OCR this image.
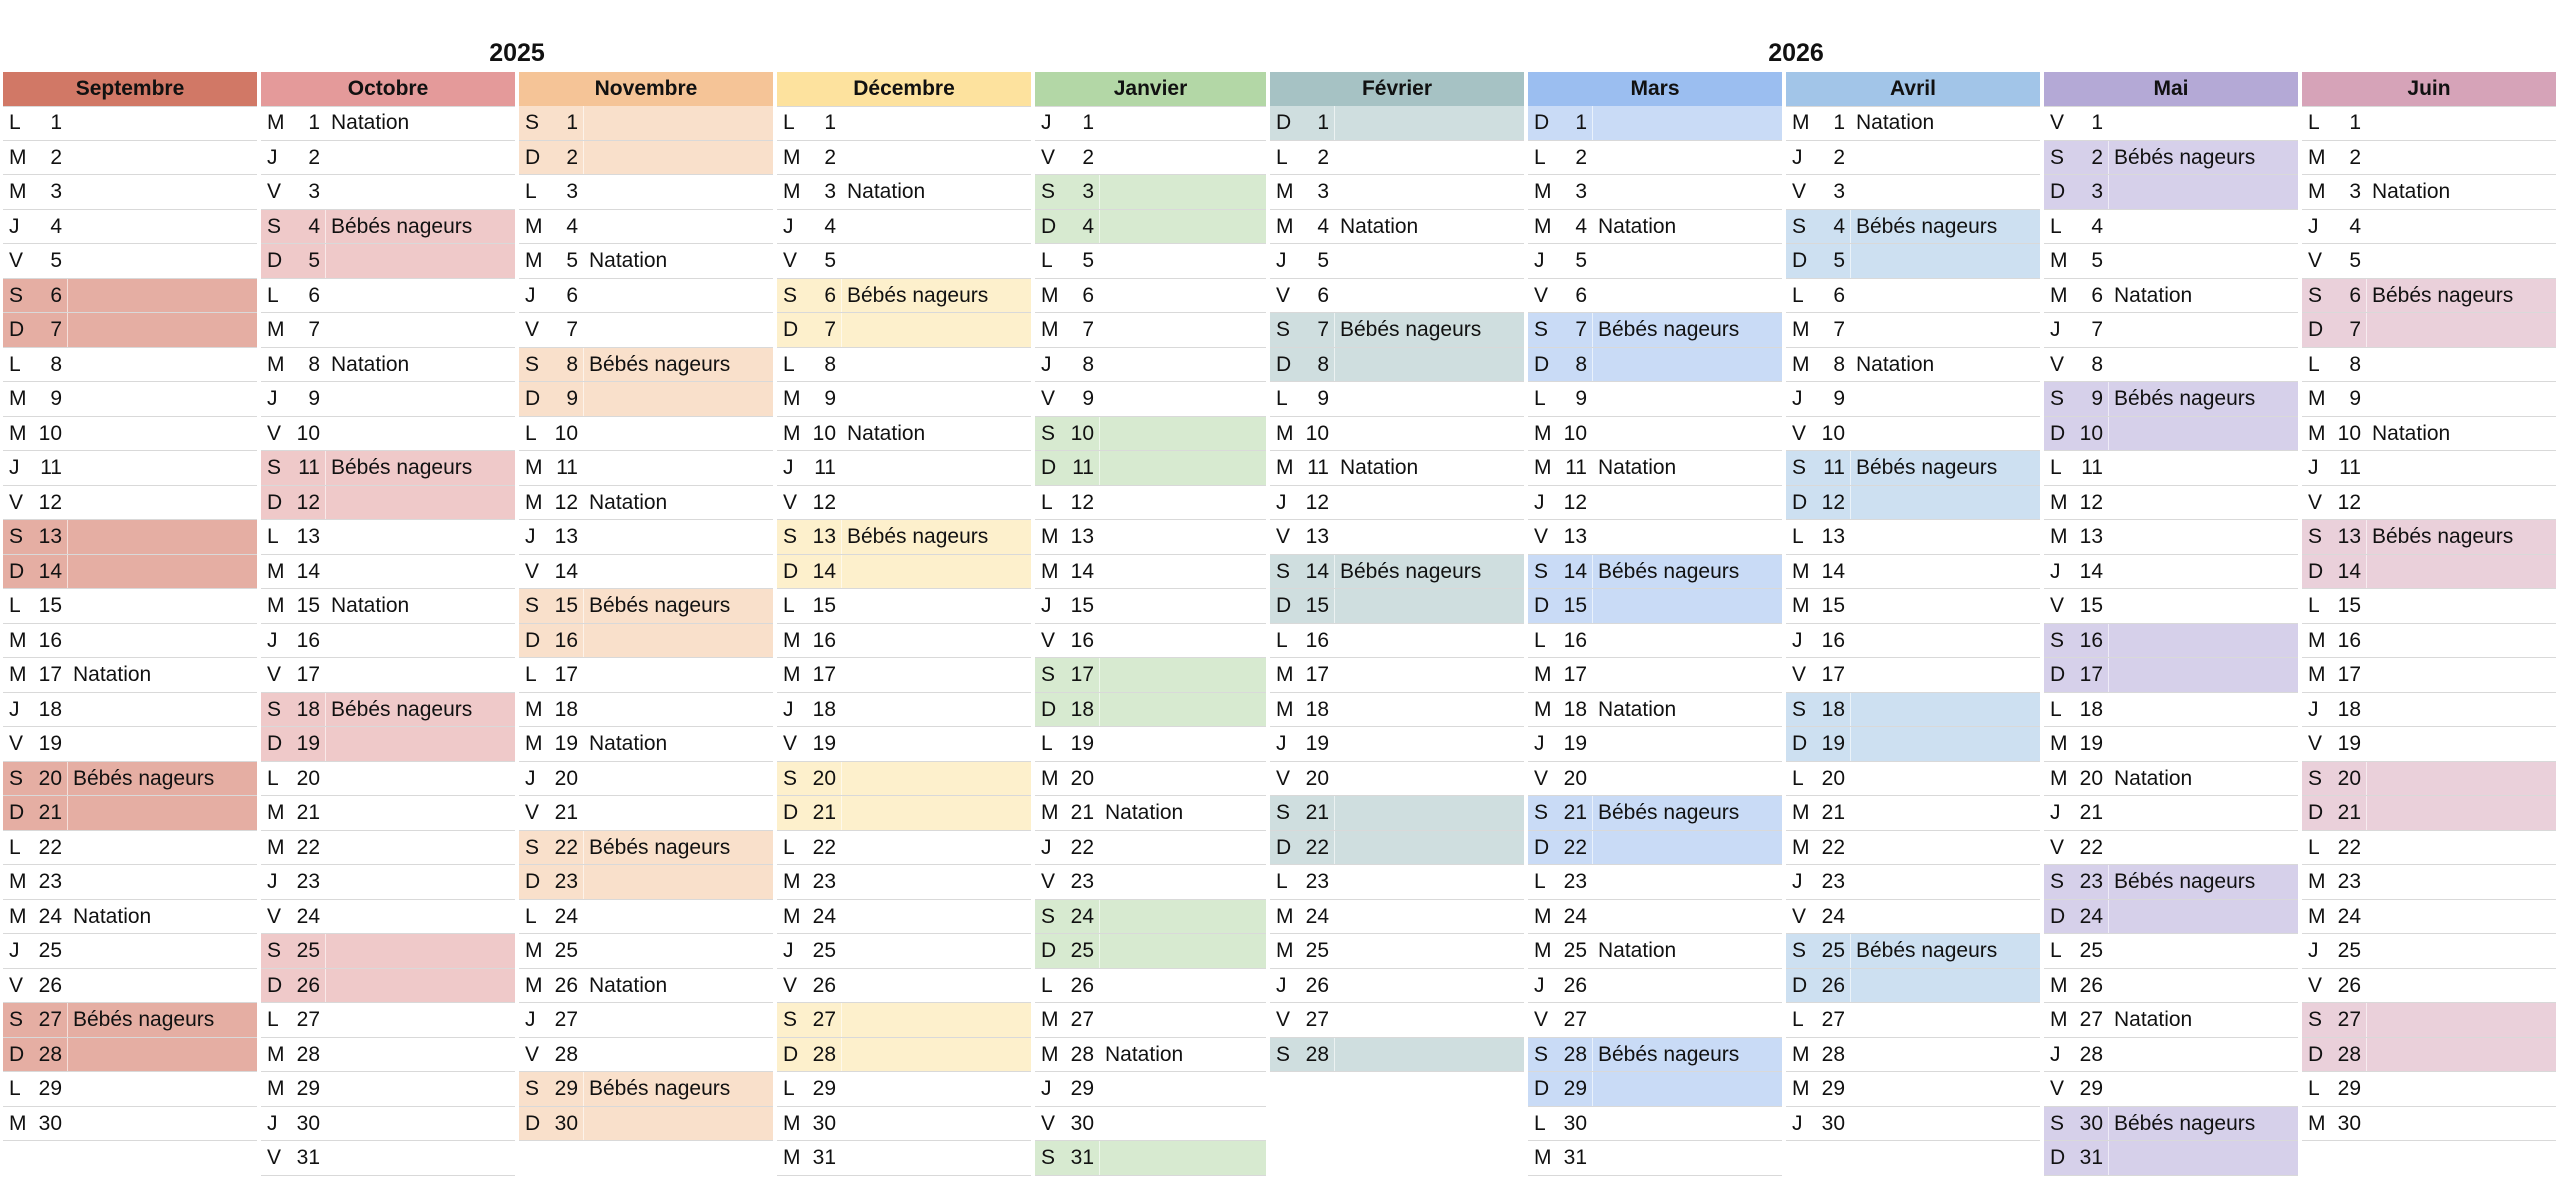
2025	2026
Septembre
L	1
M	2
M	3
J	4
V	5
S	6
D	7
L	8
M	9
M 10
J 11
V 12
S 13
D 14
L 15
M 16
M 17 Natation
J 18
V 19
S 20 Bébés nageurs
D 21
L 22
M 23
M 24 Natation
J 25
V 26
S 27 Bébés nageurs
D 28
L 29
M 30
Octobre
M	1 Natation
J	2
V	3
S	4 Bébés nageurs
D	5
L	6
M	7
M	8 Natation
J	9
V 10
S 11 Bébés nageurs
D 12
L 13
M 14
M 15 Natation
J 16
V 17
S 18 Bébés nageurs
D 19
L 20
M 21
M 22
J 23
V 24
S 25
D 26
L 27
M 28
M 29
J 30
V 31
Novembre
S	1
D	2
L	3
M	4
M	5 Natation
J	6
V	7
S	8 Bébés nageurs
D	9
L 10
M 11
M 12 Natation
J 13
V 14
S 15 Bébés nageurs
D 16
L 17
M 18
M 19 Natation
J 20
V 21
S 22 Bébés nageurs
D 23
L 24
M 25
M 26 Natation
J 27
V 28
S 29 Bébés nageurs
D 30
Décembre
L	1
M	2
M	3 Natation
J	4
V	5
S	6 Bébés nageurs
D	7
L	8
M	9
M 10 Natation
J 11
V 12
S 13 Bébés nageurs
D 14
L 15
M 16
M 17
J 18
V 19
S 20
D 21
L 22
M 23
M 24
J 25
V 26
S 27
D 28
L 29
M 30
M 31
Janvier
J	1
V	2
S	3
D	4
L	5
M	6
M	7
J	8
V	9
S 10
D 11
L 12
M 13
M 14
J 15
V 16
S 17
D 18
L 19
M 20
M 21 Natation
J 22
V 23
S 24
D 25
L 26
M 27
M 28 Natation
J 29
V 30
S 31
Février
D	1
L	2
M	3
M	4 Natation
J	5
V	6
S	7 Bébés nageurs
D	8
L	9
M 10
M 11 Natation
J 12
V 13
S 14 Bébés nageurs
D 15
L 16
M 17
M 18
J 19
V 20
S 21
D 22
L 23
M 24
M 25
J 26
V 27
S 28
Mars
D	1
L	2
M	3
M	4 Natation
J	5
V	6
S	7 Bébés nageurs
D	8
L	9
M 10
M 11 Natation
J 12
V 13
S 14 Bébés nageurs
D 15
L 16
M 17
M 18 Natation
J 19
V 20
S 21 Bébés nageurs
D 22
L 23
M 24
M 25 Natation
J 26
V 27
S 28 Bébés nageurs
D 29
L 30
M 31
Avril
M	1 Natation
J	2
V	3
S	4 Bébés nageurs
D	5
L	6
M	7
M	8 Natation
J	9
V 10
S 11 Bébés nageurs
D 12
L 13
M 14
M 15
J 16
V 17
S 18
D 19
L 20
M 21
M 22
J 23
V 24
S 25 Bébés nageurs
D 26
L 27
M 28
M 29
J 30
Mai
V	1
S	2 Bébés nageurs
D	3
L	4
M	5
M	6 Natation
J	7
V	8
S	9 Bébés nageurs
D 10
L 11
M 12
M 13
J 14
V 15
S 16
D 17
L 18
M 19
M 20 Natation
J 21
V 22
S 23 Bébés nageurs
D 24
L 25
M 26
M 27 Natation
J 28
V 29
S 30 Bébés nageurs
D 31
Juin
L	1
M	2
M	3 Natation
J	4
V	5
S	6 Bébés nageurs
D	7
L	8
M	9
M 10 Natation
J 11
V 12
S 13 Bébés nageurs
D 14
L 15
M 16
M 17
J 18
V 19
S 20
D 21
L 22
M 23
M 24
J 25
V 26
S 27
D 28
L 29
M 30
